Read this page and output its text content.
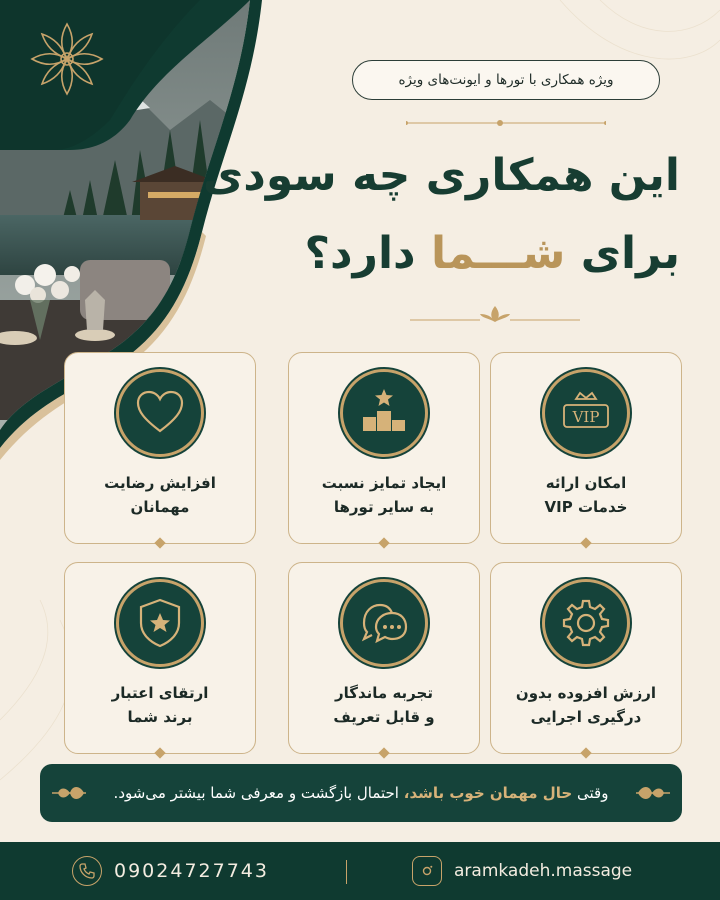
ویژه همکاری با تورها و ایونت‌های ویژه
این همکاری چه سودی
برای شـــما دارد؟
VIP
امکان ارائه
خدمات VIP
ایجاد تمایز نسبت
به سایر تورها
افزایش رضایت
مهمانان
ارزش افزوده بدون
درگیری اجرایی
تجربه ماندگار
و قابل تعریف
ارتقای اعتبار
برند شما
وقتی

حال مهمان خوب باشد،

احتمال بازگشت و معرفی شما بیشتر می‌شود.
09024727743	aramkadeh.massage
